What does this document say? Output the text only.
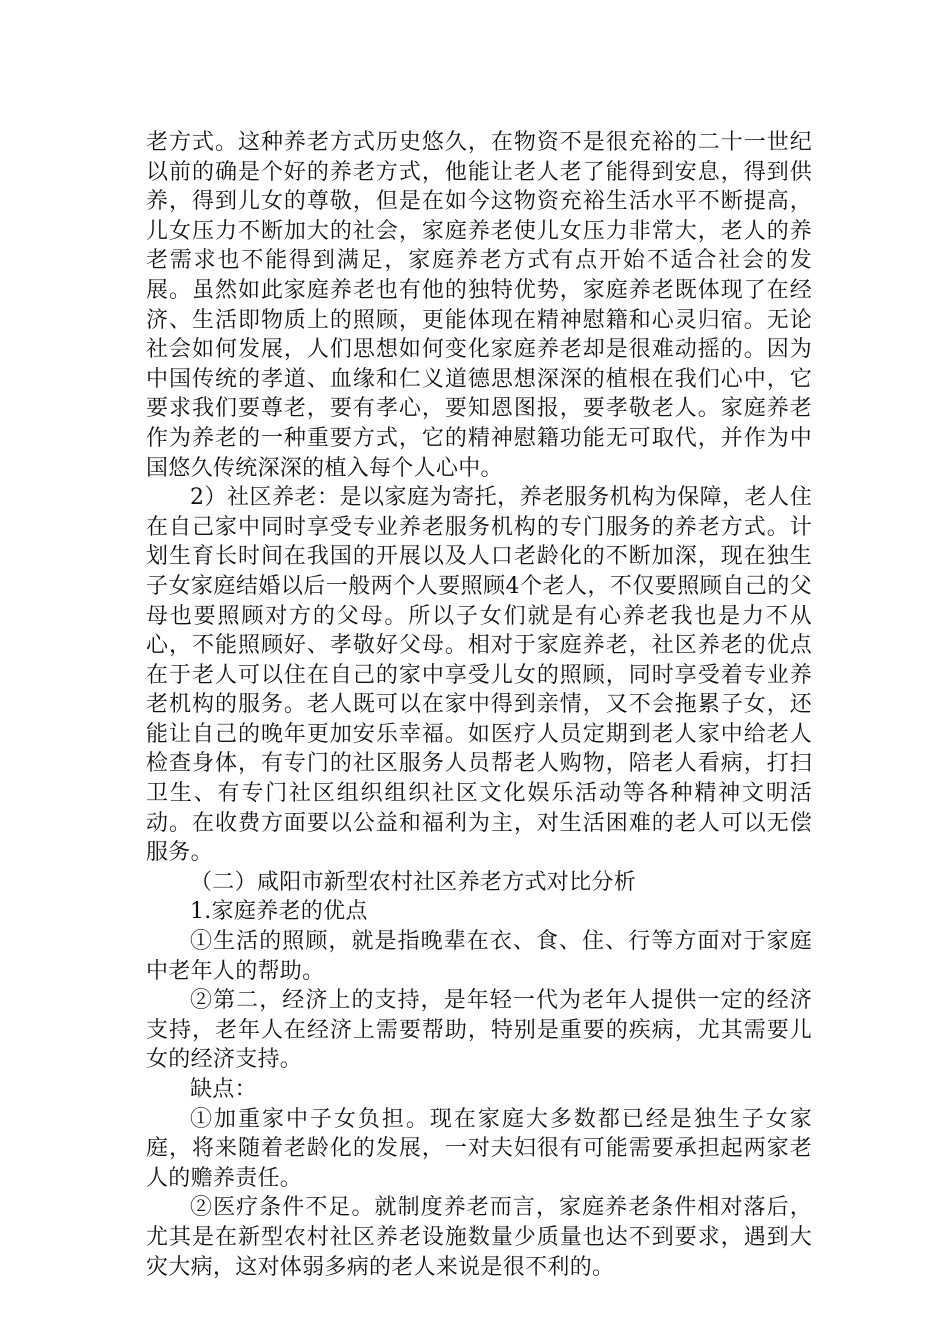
老方式。这种养老方式历史悠久，在物资不是很充裕的二十一世纪以前的确是个好的养老方式，他能让老人老了能得到安息，得到供养，得到儿女的尊敬，但是在如今这物资充裕生活水平不断提高，儿女压力不断加大的社会，家庭养老使儿女压力非常大，老人的养老需求也不能得到满足，家庭养老方式有点开始不适合社会的发展。虽然如此家庭养老也有他的独特优势，家庭养老既体现了在经济、生活即物质上的照顾，更能体现在精神慰籍和心灵归宿。无论社会如何发展，人们思想如何变化家庭养老却是很难动摇的。因为中国传统的孝道、血缘和仁义道德思想深深的植根在我们心中，它要求我们要尊老，要有孝心，要知恩图报，要孝敬老人。家庭养老作为养老的一种重要方式，它的精神慰籍功能无可取代，并作为中国悠久传统深深的植入每个人心中。

2）社区养老：是以家庭为寄托，养老服务机构为保障，老人住在自己家中同时享受专业养老服务机构的专门服务的养老方式。计划生育长时间在我国的开展以及人口老龄化的不断加深，现在独生子女家庭结婚以后一般两个人要照顾4个老人，不仅要照顾自己的父母也要照顾对方的父母。所以子女们就是有心养老我也是力不从心，不能照顾好、孝敬好父母。相对于家庭养老，社区养老的优点在于老人可以住在自己的家中享受儿女的照顾，同时享受着专业养老机构的服务。老人既可以在家中得到亲情，又不会拖累子女，还能让自己的晚年更加安乐幸福。如医疗人员定期到老人家中给老人检查身体，有专门的社区服务人员帮老人购物，陪老人看病，打扫卫生、有专门社区组织组织社区文化娱乐活动等各种精神文明活动。在收费方面要以公益和福利为主，对生活困难的老人可以无偿服务。

（二）咸阳市新型农村社区养老方式对比分析

1.家庭养老的优点

①生活的照顾，就是指晚辈在衣、食、住、行等方面对于家庭中老年人的帮助。

②第二，经济上的支持，是年轻一代为老年人提供一定的经济支持，老年人在经济上需要帮助，特别是重要的疾病，尤其需要儿女的经济支持。

缺点：

①加重家中子女负担。现在家庭大多数都已经是独生子女家庭，将来随着老龄化的发展，一对夫妇很有可能需要承担起两家老人的赡养责任。

②医疗条件不足。就制度养老而言，家庭养老条件相对落后，尤其是在新型农村社区养老设施数量少质量也达不到要求，遇到大灾大病，这对体弱多病的老人来说是很不利的。
